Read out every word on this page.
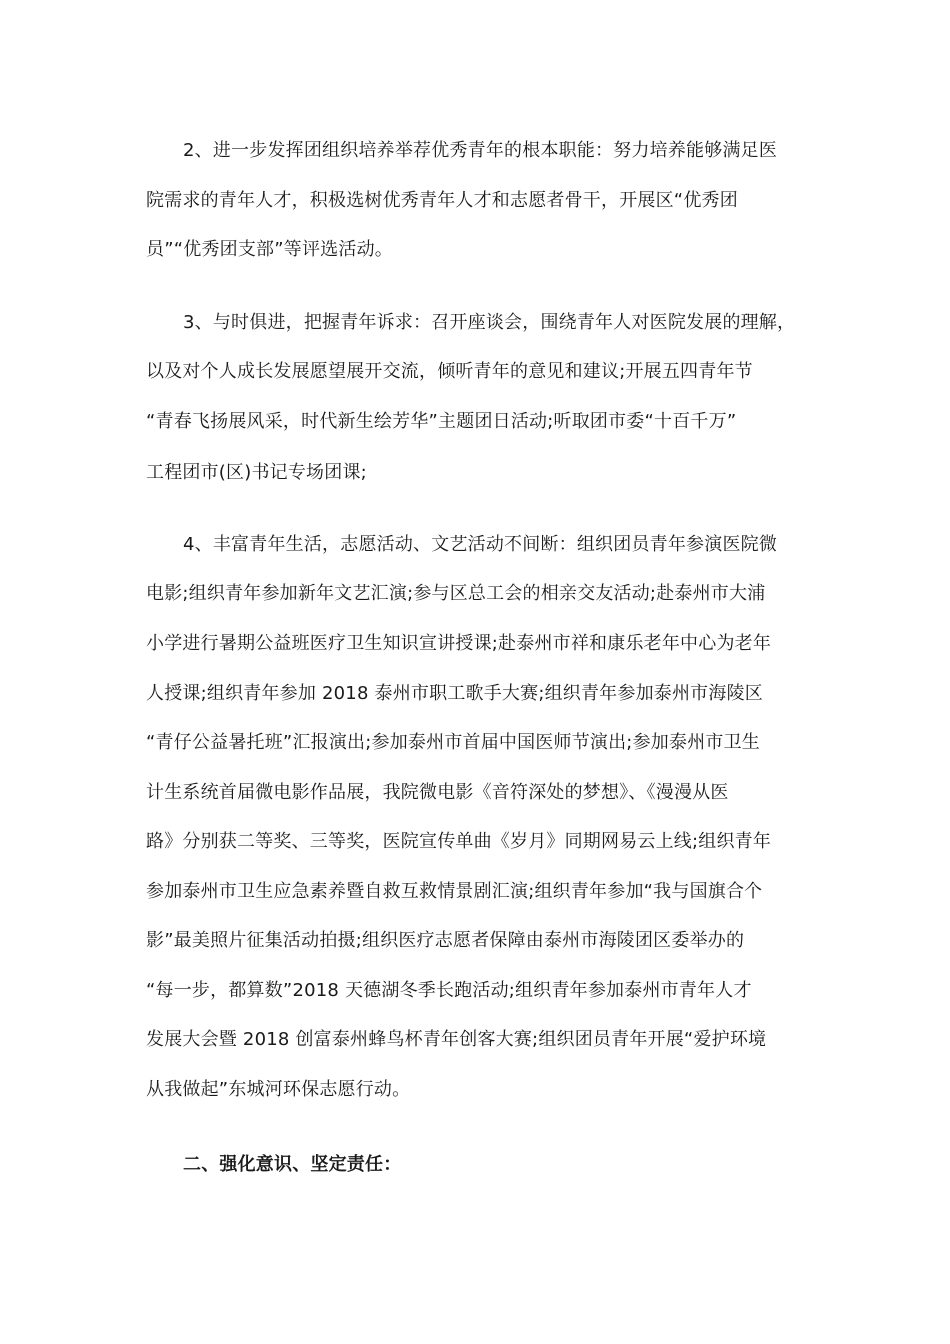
2、进一步发挥团组织培养举荐优秀青年的根本职能：努力培养能够满足医
院需求的青年人才，积极选树优秀青年人才和志愿者骨干，开展区“优秀团
员”“优秀团支部”等评选活动。
3、与时俱进，把握青年诉求：召开座谈会，围绕青年人对医院发展的理解，
以及对个人成长发展愿望展开交流，倾听青年的意见和建议;开展五四青年节
“青春飞扬展风采，时代新生绘芳华”主题团日活动;听取团市委“十百千万”
工程团市(区)书记专场团课;
4、丰富青年生活，志愿活动、文艺活动不间断：组织团员青年参演医院微
电影;组织青年参加新年文艺汇演;参与区总工会的相亲交友活动;赴泰州市大浦
小学进行暑期公益班医疗卫生知识宣讲授课;赴泰州市祥和康乐老年中心为老年
人授课;组织青年参加 2018 泰州市职工歌手大赛;组织青年参加泰州市海陵区
“青仔公益暑托班”汇报演出;参加泰州市首届中国医师节演出;参加泰州市卫生
计生系统首届微电影作品展，我院微电影《音符深处的梦想》、《漫漫从医
路》分别获二等奖、三等奖，医院宣传单曲《岁月》同期网易云上线;组织青年
参加泰州市卫生应急素养暨自救互救情景剧汇演;组织青年参加“我与国旗合个
影”最美照片征集活动拍摄;组织医疗志愿者保障由泰州市海陵团区委举办的
“每一步，都算数”2018 天德湖冬季长跑活动;组织青年参加泰州市青年人才
发展大会暨 2018 创富泰州蜂鸟杯青年创客大赛;组织团员青年开展“爱护环境
从我做起”东城河环保志愿行动。
二、强化意识、坚定责任：
